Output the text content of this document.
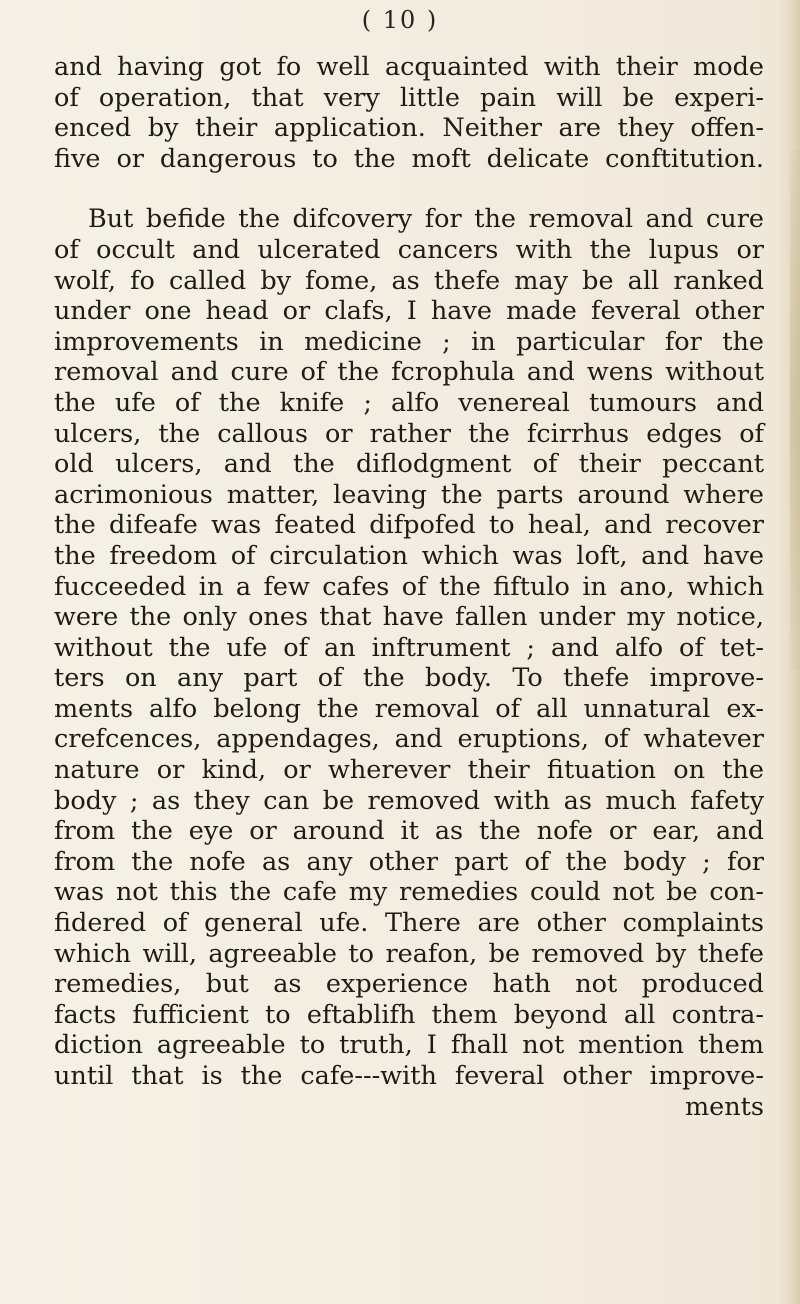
( 10 )
and having got fo well acquainted with their mode
of operation, that very little pain will be experi-
enced by their application. Neither are they offen-
five or dangerous to the moft delicate conftitution.
But befide the difcovery for the removal and cure
of occult and ulcerated cancers with the lupus or
wolf, fo called by fome, as thefe may be all ranked
under one head or clafs, I have made feveral other
improvements in medicine ; in particular for the
removal and cure of the fcrophula and wens without
the ufe of the knife ; alfo venereal tumours and
ulcers, the callous or rather the fcirrhus edges of
old ulcers, and the diflodgment of their peccant
acrimonious matter, leaving the parts around where
the difeafe was feated difpofed to heal, and recover
the freedom of circulation which was loft, and have
fucceeded in a few cafes of the fiftulo in ano, which
were the only ones that have fallen under my notice,
without the ufe of an inftrument ; and alfo of tet-
ters on any part of the body. To thefe improve-
ments alfo belong the removal of all unnatural ex-
crefcences, appendages, and eruptions, of whatever
nature or kind, or wherever their fituation on the
body ; as they can be removed with as much fafety
from the eye or around it as the nofe or ear, and
from the nofe as any other part of the body ; for
was not this the cafe my remedies could not be con-
fidered of general ufe. There are other complaints
which will, agreeable to reafon, be removed by thefe
remedies, but as experience hath not produced
facts fufficient to eftablifh them beyond all contra-
diction agreeable to truth, I fhall not mention them
until that is the cafe---with feveral other improve-
ments
